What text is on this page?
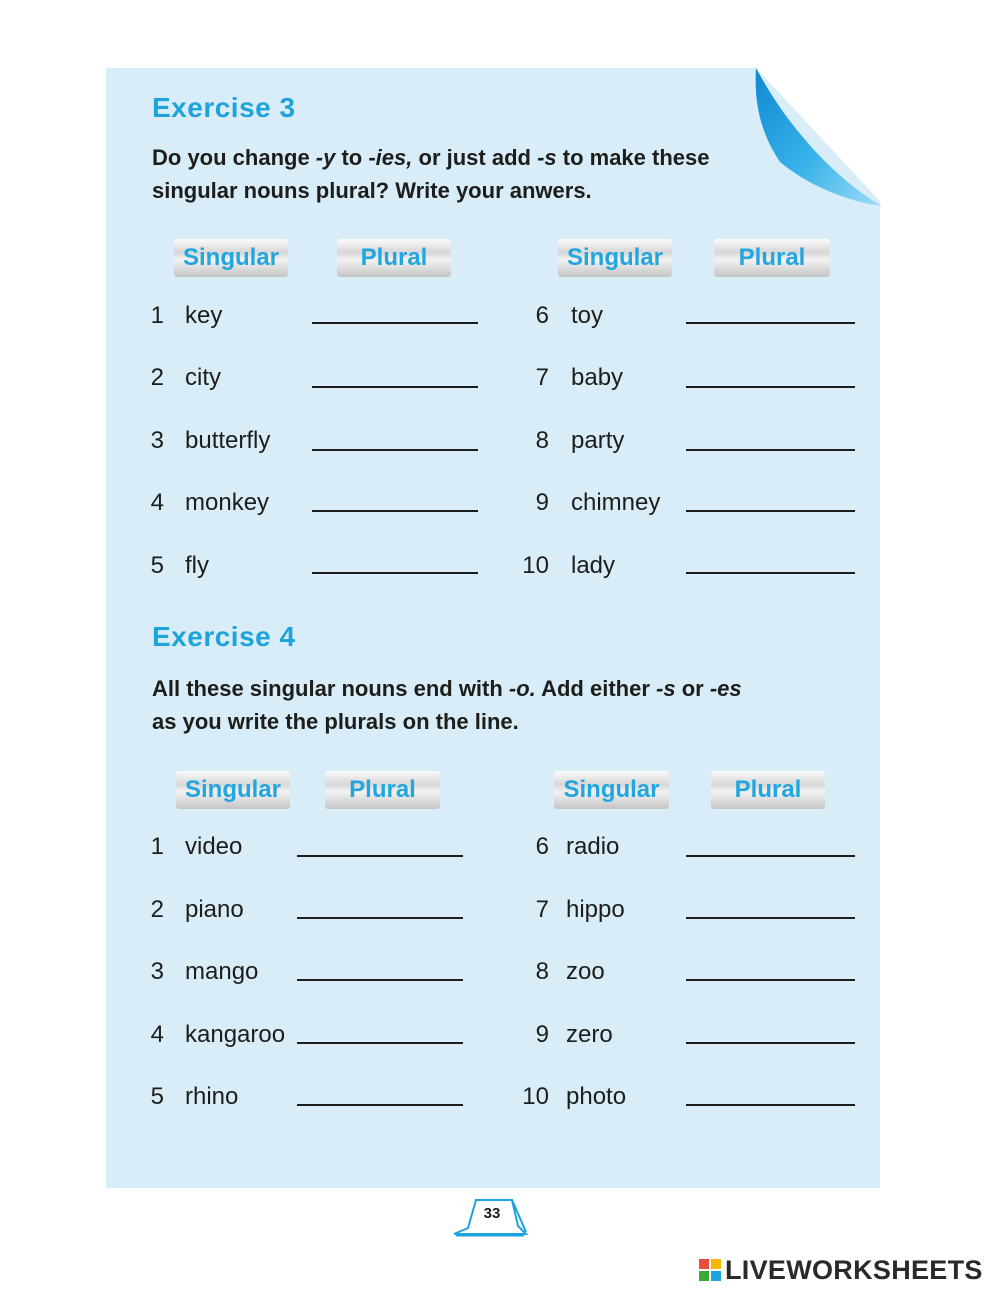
Exercise 3
Do you change -y to -ies, or just add -s to make these singular nouns plural? Write your anwers.
Singular	Plural	Singular	Plural
1 key
2 city
3 butterfly
4 monkey
5 fly
6 toy
7 baby
8 party
9 chimney
10 lady
Exercise 4
All these singular nouns end with -o. Add either -s or -es as you write the plurals on the line.
Singular	Plural	Singular	Plural
1 video
2 piano
3 mango
4 kangaroo
5 rhino
6 radio
7 hippo
8 zoo
9 zero
10 photo
33
LIVEWORKSHEETS
